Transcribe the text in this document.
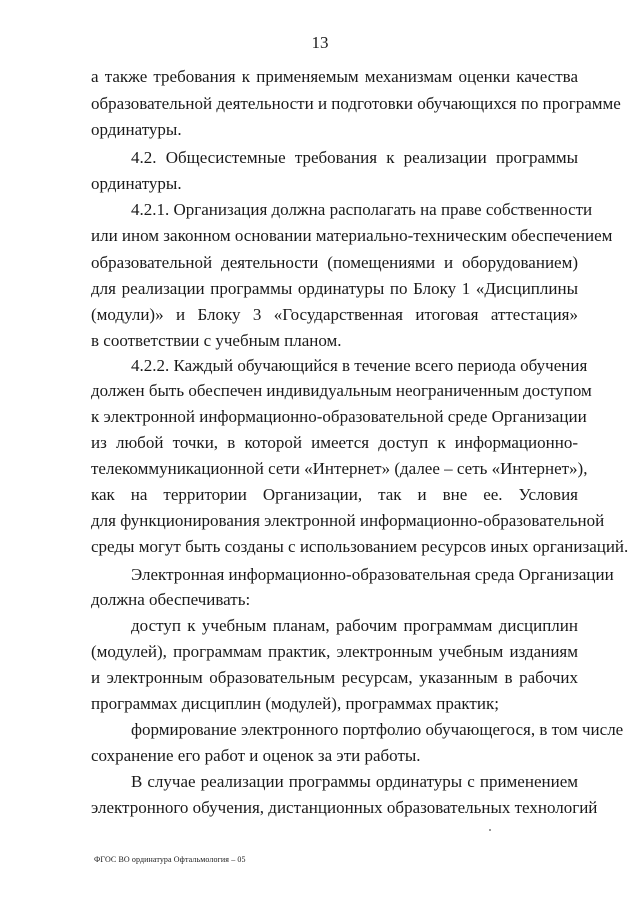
13
а также требования к применяемым механизмам оценки качества
образовательной деятельности и подготовки обучающихся по программе
ординатуры.
4.2. Общесистемные требования к реализации программы
ординатуры.
4.2.1. Организация должна располагать на праве собственности
или ином законном основании материально-техническим обеспечением
образовательной деятельности (помещениями и оборудованием)
для реализации программы ординатуры по Блоку 1 «Дисциплины
(модули)» и Блоку 3 «Государственная итоговая аттестация»
в соответствии с учебным планом.
4.2.2. Каждый обучающийся в течение всего периода обучения
должен быть обеспечен индивидуальным неограниченным доступом
к электронной информационно-образовательной среде Организации
из любой точки, в которой имеется доступ к информационно-
телекоммуникационной сети «Интернет» (далее – сеть «Интернет»),
как на территории Организации, так и вне ее. Условия
для функционирования электронной информационно-образовательной
среды могут быть созданы с использованием ресурсов иных организаций.
Электронная информационно-образовательная среда Организации
должна обеспечивать:
доступ к учебным планам, рабочим программам дисциплин
(модулей), программам практик, электронным учебным изданиям
и электронным образовательным ресурсам, указанным в рабочих
программах дисциплин (модулей), программах практик;
формирование электронного портфолио обучающегося, в том числе
сохранение его работ и оценок за эти работы.
В случае реализации программы ординатуры с применением
электронного обучения, дистанционных образовательных технологий
ФГОС ВО ординатура Офтальмология – 05
